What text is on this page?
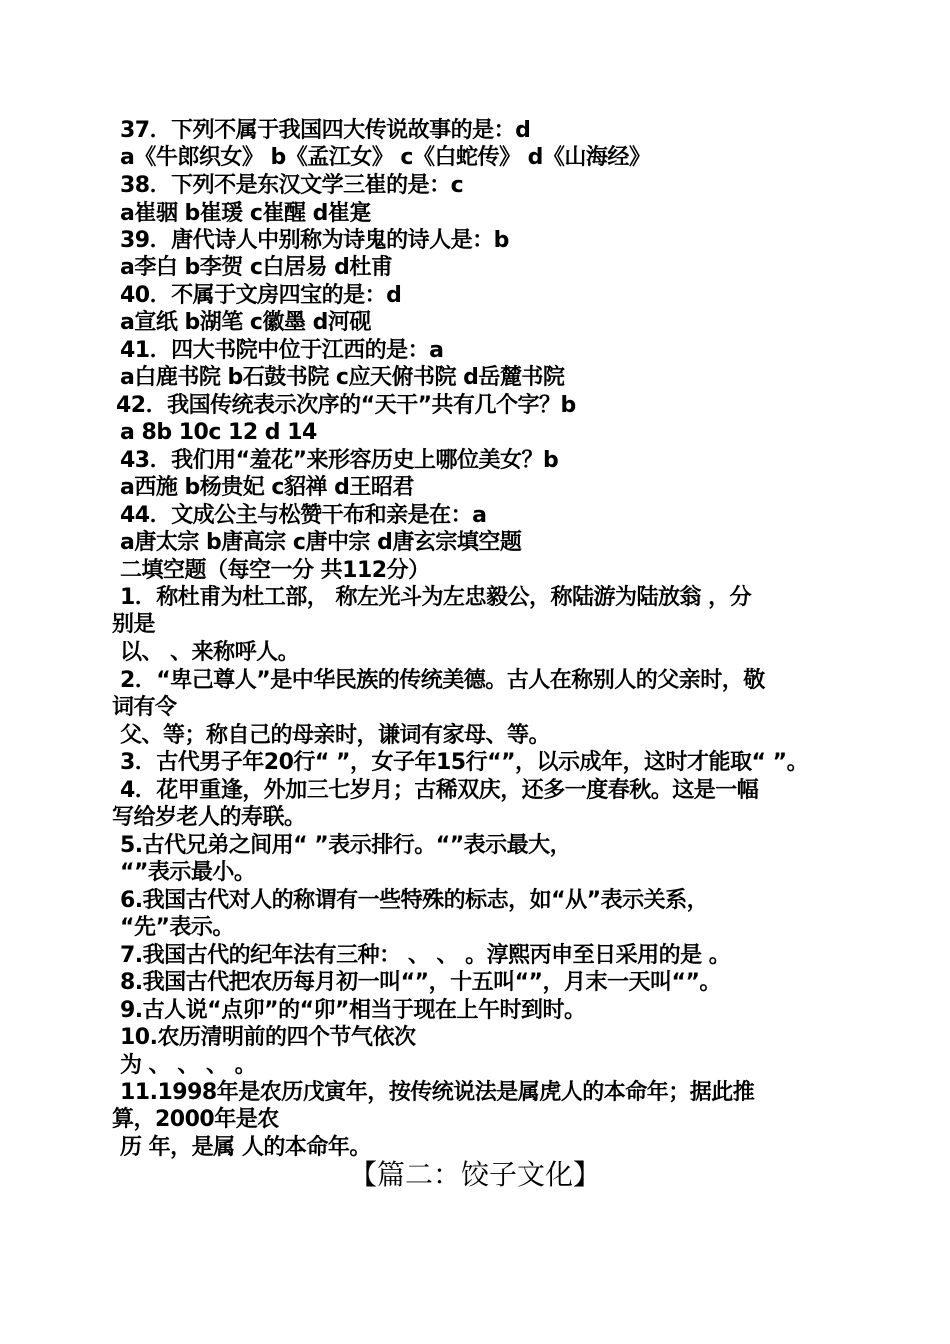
37．下列不属于我国四大传说故事的是：d
a《牛郎织女》 b《孟江女》 c《白蛇传》 d《山海经》
38．下列不是东汉文学三崔的是：c
a崔骃 b崔瑗 c崔醒 d崔寔
39．唐代诗人中别称为诗鬼的诗人是：b
a李白 b李贺 c白居易 d杜甫
40．不属于文房四宝的是：d
a宣纸 b湖笔 c徽墨 d河砚
41．四大书院中位于江西的是：a
a白鹿书院 b石鼓书院 c应天俯书院 d岳麓书院
42．我国传统表示次序的“天干”共有几个字？b
a 8b 10c 12 d 14
43．我们用“羞花”来形容历史上哪位美女？b
a西施 b杨贵妃 c貂禅 d王昭君
44．文成公主与松赞干布和亲是在：a
a唐太宗 b唐高宗 c唐中宗 d唐玄宗填空题
二填空题（每空一分 共112分）
1．称杜甫为杜工部， 称左光斗为左忠毅公，称陆游为陆放翁 ，分
别是
以、 、来称呼人。
2．“卑己尊人”是中华民族的传统美德。古人在称别人的父亲时，敬
词有令
父、等；称自己的母亲时，谦词有家母、等。
3．古代男子年20行“ ”，女子年15行“”，以示成年，这时才能取“ ”。
4．花甲重逢，外加三七岁月；古稀双庆，还多一度春秋。这是一幅
写给岁老人的寿联。
5.古代兄弟之间用“ ”表示排行。“”表示最大，
“”表示最小。
6.我国古代对人的称谓有一些特殊的标志，如“从”表示关系，
“先”表示。
7.我国古代的纪年法有三种： 、 、 。淳熙丙申至日采用的是 。
8.我国古代把农历每月初一叫“”，十五叫“”，月末一天叫“”。
9.古人说“点卯”的“卯”相当于现在上午时到时。
10.农历清明前的四个节气依次
为 、 、 、 。
11.1998年是农历戊寅年，按传统说法是属虎人的本命年；据此推
算，2000年是农
历 年，是属 人的本命年。
【篇二：饺子文化】
